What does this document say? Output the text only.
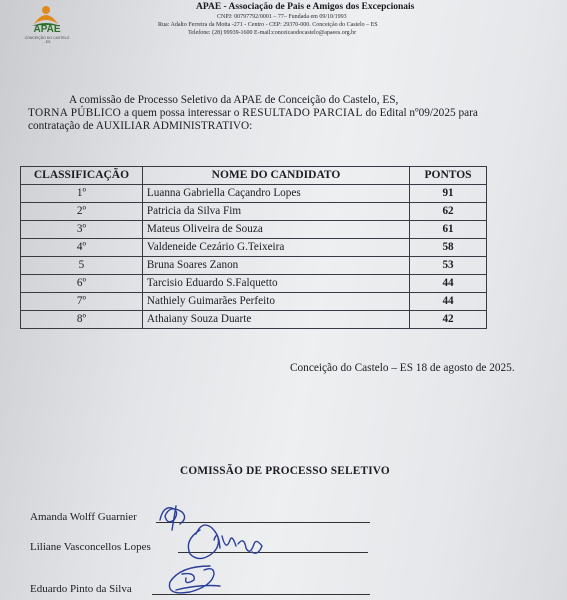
APAE
CONCEIÇÃO DO CASTELO - ES
APAE - Associação de Pais e Amigos dos Excepcionais
CNPJ: 00797792/0001 – 77– Fundada em 09/10/1993
Rua: Adalto Ferreira da Motta -271 - Centro - CEP: 29370-000. Conceição do Castelo – ES
Telefone: (28) 99939-1600 E-mail:conceicaodocastelo@apaees.org.br
A comissão de Processo Seletivo da APAE de Conceição do Castelo, ES,
TORNA PÚBLICO a quem possa interessar o RESULTADO PARCIAL do Edital nº09/2025 para
contratação de AUXILIAR ADMINISTRATIVO:
CLASSIFICAÇÃO	NOME DO CANDIDATO	PONTOS
1º	Luanna Gabriella Caçandro Lopes	91
2º	Patricia da Silva Fim	62
3º	Mateus Oliveira de Souza	61
4º	Valdeneide Cezário G.Teixeira	58
5	Bruna Soares Zanon	53
6º	Tarcisio Eduardo S.Falquetto	44
7º	Nathiely Guimarães Perfeito	44
8º	Athaiany Souza Duarte	42
Conceição do Castelo – ES 18 de agosto de 2025.
COMISSÃO DE PROCESSO SELETIVO
Amanda Wolff Guarnier
Liliane Vasconcellos Lopes
Eduardo Pinto da Silva
